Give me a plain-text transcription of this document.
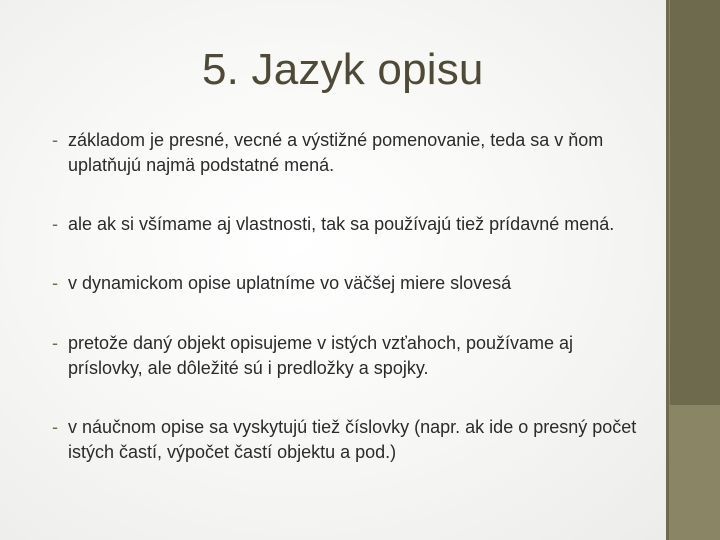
5. Jazyk opisu
- základom je presné, vecné a výstižné pomenovanie, teda sa v ňom uplatňujú najmä podstatné mená.
- ale ak si všímame aj vlastnosti, tak sa používajú tiež prídavné mená.
- v dynamickom opise uplatníme vo väčšej miere slovesá
- pretože daný objekt opisujeme v istých vzťahoch, používame aj príslovky, ale dôležité sú i predložky a spojky.
- v náučnom opise sa vyskytujú tiež číslovky (napr. ak ide o presný počet istých častí, výpočet častí objektu a pod.)
